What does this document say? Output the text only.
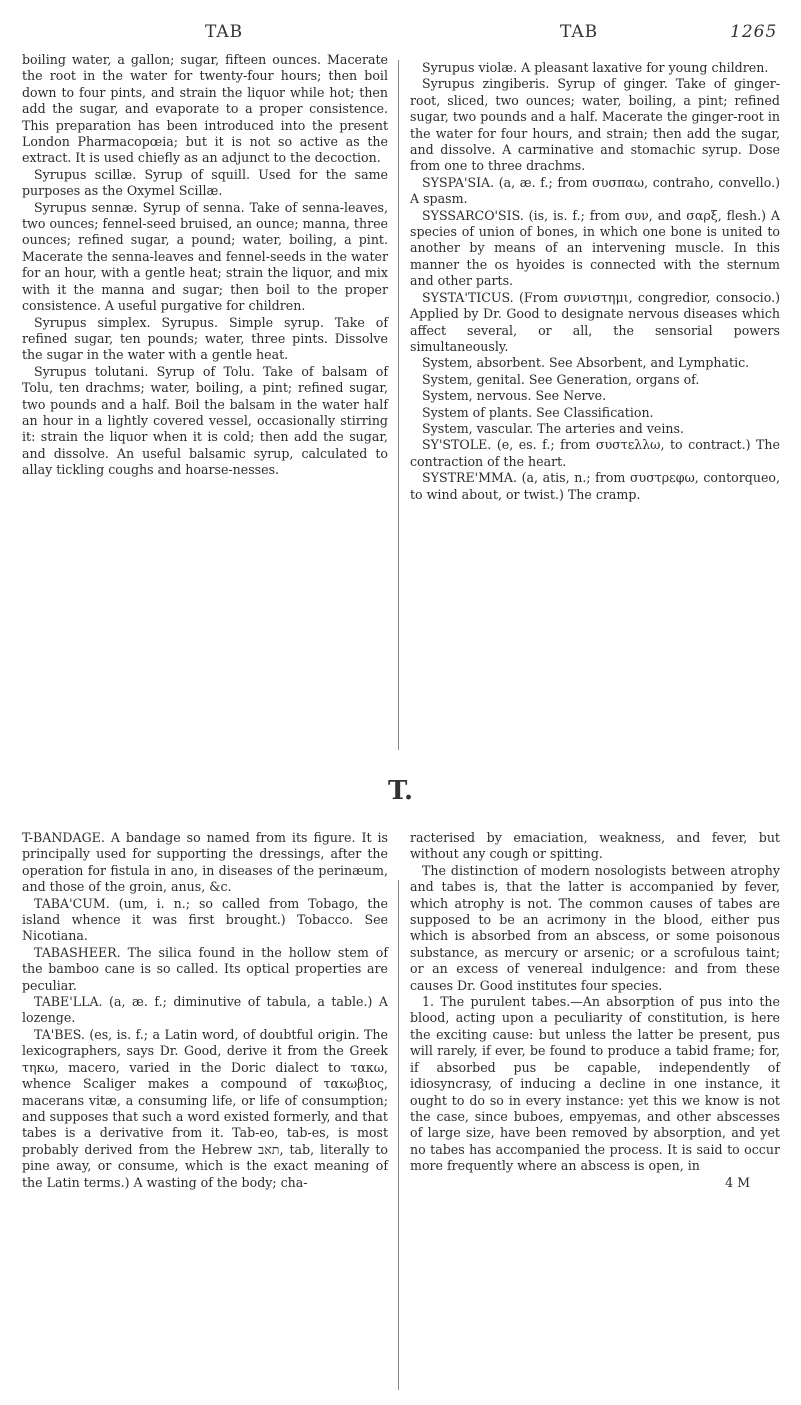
TAB	TAB	1265

boiling water, a gallon; sugar, fifteen ounces. Macerate the root in the water for twenty-four hours; then boil down to four pints, and strain the liquor while hot; then add the sugar, and evaporate to a proper consistence. This preparation has been introduced into the present London Pharmacopœia; but it is not so active as the extract. It is used chiefly as an adjunct to the decoction.

Syrupus scillæ. Syrup of squill. Used for the same purposes as the Oxymel Scillæ.

Syrupus sennæ. Syrup of senna. Take of senna-leaves, two ounces; fennel-seed bruised, an ounce; manna, three ounces; refined sugar, a pound; water, boiling, a pint. Macerate the senna-leaves and fennel-seeds in the water for an hour, with a gentle heat; strain the liquor, and mix with it the manna and sugar; then boil to the proper consistence. A useful purgative for children.

Syrupus simplex. Syrupus. Simple syrup. Take of refined sugar, ten pounds; water, three pints. Dissolve the sugar in the water with a gentle heat.

Syrupus tolutani. Syrup of Tolu. Take of balsam of Tolu, ten drachms; water, boiling, a pint; refined sugar, two pounds and a half. Boil the balsam in the water half an hour in a lightly covered vessel, occasionally stirring it: strain the liquor when it is cold; then add the sugar, and dissolve. An useful balsamic syrup, calculated to allay tickling coughs and hoarse-nesses.

Syrupus violæ. A pleasant laxative for young children.

Syrupus zingiberis. Syrup of ginger. Take of ginger-root, sliced, two ounces; water, boiling, a pint; refined sugar, two pounds and a half. Macerate the ginger-root in the water for four hours, and strain; then add the sugar, and dissolve. A carminative and stomachic syrup. Dose from one to three drachms.

SYSPA'SIA. (a, æ. f.; from συσπαω, contraho, convello.) A spasm.

SYSSARCO'SIS. (is, is. f.; from συν, and σαρξ, flesh.) A species of union of bones, in which one bone is united to another by means of an intervening muscle. In this manner the os hyoides is connected with the sternum and other parts.

SYSTA'TICUS. (From συνιστημι, congredior, consocio.) Applied by Dr. Good to designate nervous diseases which affect several, or all, the sensorial powers simultaneously.

System, absorbent. See Absorbent, and Lymphatic.

System, genital. See Generation, organs of.

System, nervous. See Nerve.

System of plants. See Classification.

System, vascular. The arteries and veins.

SY'STOLE. (e, es. f.; from συστελλω, to contract.) The contraction of the heart.

SYSTRE'MMA. (a, atis, n.; from συστρεφω, contorqueo, to wind about, or twist.) The cramp.

T.

T-BANDAGE. A bandage so named from its figure. It is principally used for supporting the dressings, after the operation for fistula in ano, in diseases of the perinæum, and those of the groin, anus, &c.

TABA'CUM. (um, i. n.; so called from Tobago, the island whence it was first brought.) Tobacco. See Nicotiana.

TABASHEER. The silica found in the hollow stem of the bamboo cane is so called. Its optical properties are peculiar.

TABE'LLA. (a, æ. f.; diminutive of tabula, a table.) A lozenge.

TA'BES. (es, is. f.; a Latin word, of doubtful origin. The lexicographers, says Dr. Good, derive it from the Greek τηκω, macero, varied in the Doric dialect to τακω, whence Scaliger makes a compound of τακωβιος, macerans vitæ, a consuming life, or life of consumption; and supposes that such a word existed formerly, and that tabes is a derivative from it. Tab-eo, tab-es, is most probably derived from the Hebrew תאב, tab, literally to pine away, or consume, which is the exact meaning of the Latin terms.) A wasting of the body; cha-

racterised by emaciation, weakness, and fever, but without any cough or spitting.

The distinction of modern nosologists between atrophy and tabes is, that the latter is accompanied by fever, which atrophy is not. The common causes of tabes are supposed to be an acrimony in the blood, either pus which is absorbed from an abscess, or some poisonous substance, as mercury or arsenic; or a scrofulous taint; or an excess of venereal indulgence: and from these causes Dr. Good institutes four species.

1. The purulent tabes.—An absorption of pus into the blood, acting upon a peculiarity of constitution, is here the exciting cause: but unless the latter be present, pus will rarely, if ever, be found to produce a tabid frame; for, if absorbed pus be capable, independently of idiosyncrasy, of inducing a decline in one instance, it ought to do so in every instance: yet this we know is not the case, since buboes, empyemas, and other abscesses of large size, have been removed by absorption, and yet no tabes has accompanied the process. It is said to occur more frequently where an abscess is open, in

4 M
